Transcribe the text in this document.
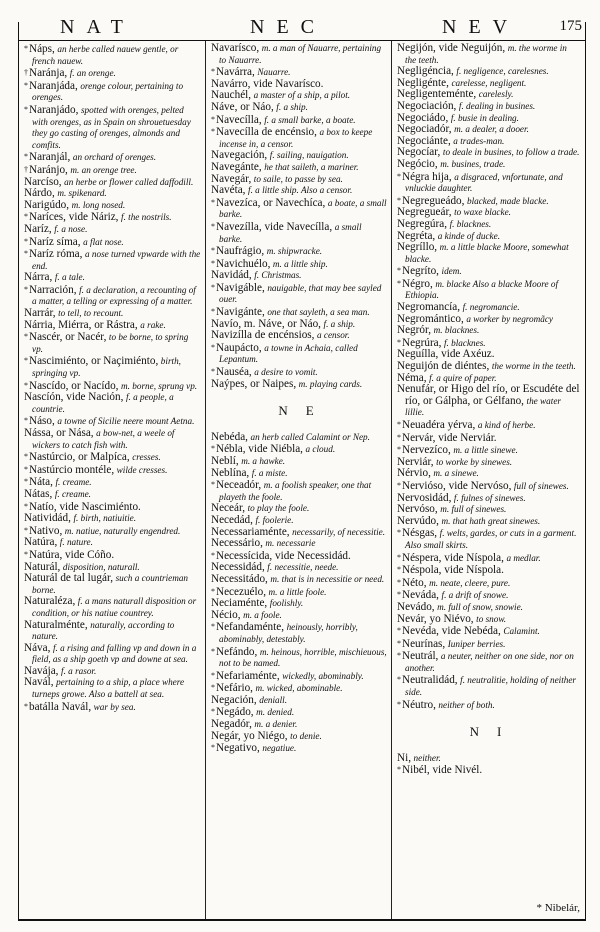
NAT	NEC	NEV	175

*Náps, an herbe called nauew gentle, or french nauew.

†Naránja, f. an orenge.

*Naranjáda, orenge colour, pertaining to orenges.

*Naranjádo, spotted with orenges, pelted with orenges, as in Spain on shrouetuesday they go casting of orenges, almonds and comfits.

*Naranjál, an orchard of orenges.

†Naránjo, m. an orenge tree.

Narcíso, an herbe or flower called daffodill.

Nárdo, m. spikenard.

Narigúdo, m. long nosed.

*Naríces, vide Náriz, f. the nostrils.

Naríz, f. a nose.

*Naríz síma, a flat nose.

*Naríz róma, a nose turned vpwarde with the end.

Nárra, f. a tale.

*Narración, f. a declaration, a recounting of a matter, a telling or expressing of a matter.

Narrár, to tell, to recount.

Nárria, Miérra, or Rástra, a rake.

*Nascér, or Nacér, to be borne, to spring vp.

*Nascimiénto, or Naçimiénto, birth, springing vp.

*Nascído, or Nacído, m. borne, sprung vp.

Nascíón, vide Nación, f. a people, a countrie.

*Náso, a towne of Sicilie neere mount Aetna.

Nássa, or Nása, a bow-net, a weele of wickers to catch fish with.

*Nastúrcio, or Malpíca, cresses.

*Nastúrcio montéle, wilde cresses.

*Náta, f. creame.

Nátas, f. creame.

*Natío, vide Nascimiénto.

Natividád, f. birth, natiuitie.

*Nativo, m. natiue, naturally engendred.

Natúra, f. nature.

*Natúra, vide Cóño.

Naturál, disposition, naturall.

Naturál de tal lugár, such a countrieman borne.

Naturaléza, f. a mans naturall disposition or condition, or his natiue countrey.

Naturalménte, naturally, according to nature.

Náva, f. a rising and falling vp and down in a field, as a ship goeth vp and downe at sea.

Navája, f. a rasor.

Navál, pertaining to a ship, a place where turneps growe. Also a battell at sea.

*batálla Navál, war by sea.

Navarísco, m. a man of Nauarre, pertaining to Nauarre.

*Navárra, Nauarre.

Navárro, vide Navarísco.

Nauchél, a master of a ship, a pilot.

Náve, or Náo, f. a ship.

*Navecílla, f. a small barke, a boate.

*Navecílla de encénsio, a box to keepe incense in, a censor.

Navegación, f. sailing, nauigation.

Navegánte, he that saileth, a mariner.

Navegár, to saile, to passe by sea.

Navéta, f. a little ship. Also a censor.

*Navezíca, or Navechíca, a boate, a small barke.

*Navezílla, vide Navecílla, a small barke.

*Naufrágio, m. shipwracke.

*Navichuélo, m. a little ship.

Navidád, f. Christmas.

*Navigáble, nauigable, that may bee sayled ouer.

*Navigánte, one that sayleth, a sea man.

Navío, m. Náve, or Náo, f. a ship.

Navizílla de encénsios, a censor.

*Naupácto, a towne in Achaia, called Lepantum.

*Nauséa, a desire to vomit.

Naýpes, or Naipes, m. playing cards.

NE

Nebéda, an herb called Calamint or Nep.

*Nébla, vide Niébla, a cloud.

Neblí, m. a hawke.

Neblína, f. a miste.

*Neceadór, m. a foolish speaker, one that playeth the foole.

Neceár, to play the foole.

Necedád, f. foolerie.

Necessariaménte, necessarily, of necessitie.

Necessário, m. necessarie

*Necessícida, vide Necessidád.

Necessidád, f. necessitie, neede.

Necessitádo, m. that is in necessitie or need.

*Necezuélo, m. a little foole.

Neciaménte, foolishly.

Nécio, m. a foole.

*Nefandaménte, heinously, horribly, abominably, detestably.

*Nefándo, m. heinous, horrible, mischieuous, not to be named.

*Nefariaménte, wickedly, abominably.

*Nefário, m. wicked, abominable.

Negación, deniall.

*Negádo, m. denied.

Negadór, m. a denier.

Negár, yo Niégo, to denie.

*Negativo, negatiue.

Negijón, vide Neguijón, m. the worme in the teeth.

Negligéncia, f. negligence, carelesnes.

Negligénte, carelesse, negligent.

Negligenteménte, carelesly.

Negociación, f. dealing in busines.

Negociádo, f. busie in dealing.

Negociadór, m. a dealer, a dooer.

Negociánte, a trades-man.

Negocíar, to deale in busines, to follow a trade.

Negócio, m. busines, trade.

*Négra hija, a disgraced, vnfortunate, and vnluckie daughter.

*Negregueádo, blacked, made blacke.

Negregueár, to waxe blacke.

Negregúra, f. blacknes.

Negréta, a kinde of ducke.

Negríllo, m. a little blacke Moore, somewhat blacke.

*Negríto, idem.

*Négro, m. blacke Also a blacke Moore of Ethiopia.

Negromancía, f. negromancie.

Negromántico, a worker by negromãcy

Negrór, m. blacknes.

*Negrúra, f. blacknes.

Neguílla, vide Axéuz.

Neguijón de diéntes, the worme in the teeth.

Néma, f. a quire of paper.

Nenufár, or Higo del río, or Escudéte del río, or Gálpha, or Gélfano, the water lillie.

*Neuadéra yérva, a kind of herbe.

*Nervár, vide Nerviár.

*Nervezíco, m. a little sinewe.

Nerviár, to worke by sinewes.

Nérvio, m. a sinewe.

*Nervióso, vide Nervóso, full of sinewes.

Nervosidád, f. fulnes of sinewes.

Nervóso, m. full of sinewes.

Nervúdo, m. that hath great sinewes.

*Nésgas, f. welts, gardes, or cuts in a garment. Also small skirts.

*Néspera, vide Níspola, a medlar.

*Néspola, vide Níspola.

*Néto, m. neate, cleere, pure.

*Neváda, f. a drift of snowe.

Nevádo, m. full of snow, snowie.

Nevár, yo Niévo, to snow.

*Nevéda, vide Nebéda, Calamint.

*Neurínas, Iuniper berries.

*Neutrál, a neuter, neither on one side, nor on another.

*Neutralidád, f. neutralitie, holding of neither side.

*Néutro, neither of both.

NI

Ni, neither.

*Nibél, vide Nivél.

* Nibelár,
